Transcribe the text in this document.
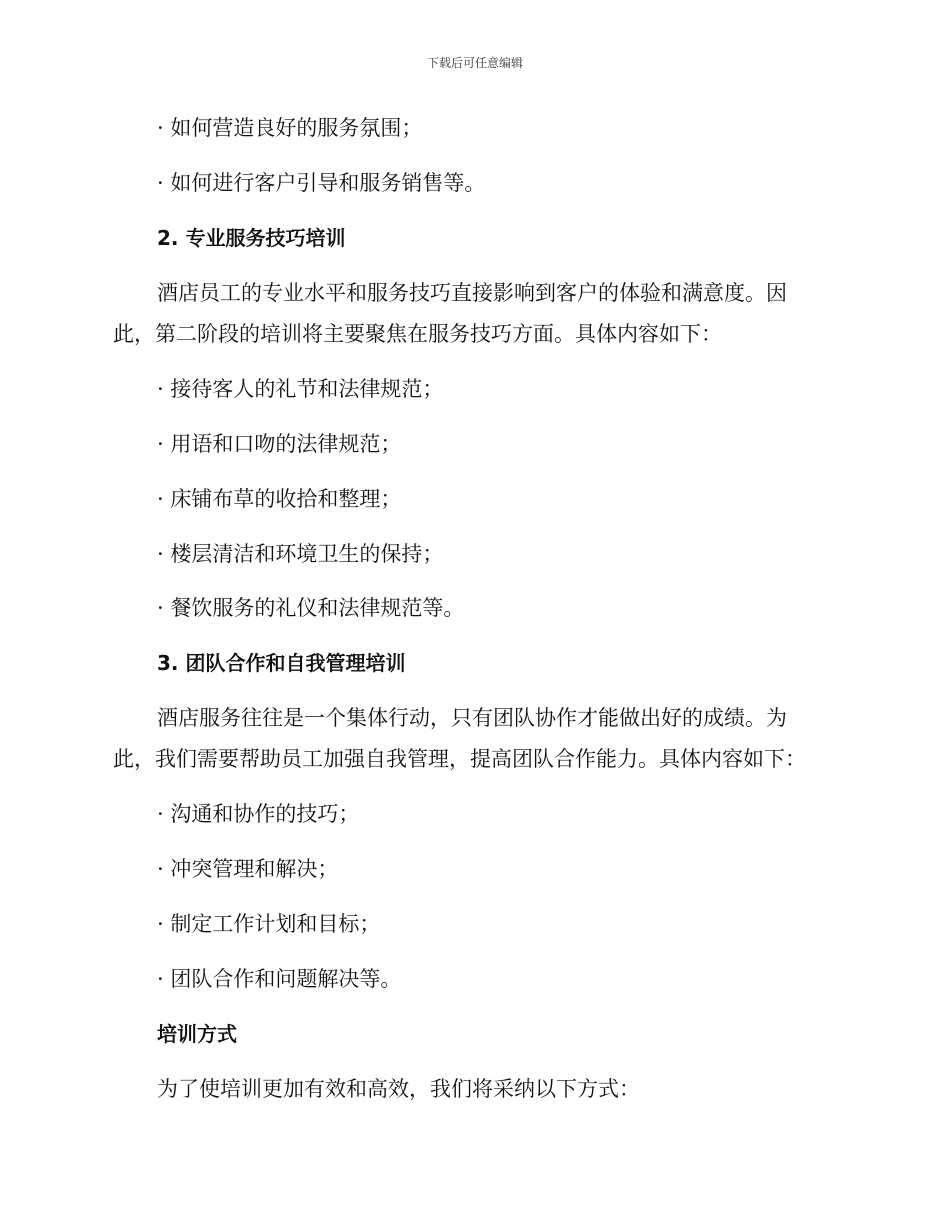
下载后可任意编辑
· 如何营造良好的服务氛围；
· 如何进行客户引导和服务销售等。
2. 专业服务技巧培训
酒店员工的专业水平和服务技巧直接影响到客户的体验和满意度。因
此，第二阶段的培训将主要聚焦在服务技巧方面。具体内容如下：
· 接待客人的礼节和法律规范；
· 用语和口吻的法律规范；
· 床铺布草的收拾和整理；
· 楼层清洁和环境卫生的保持；
· 餐饮服务的礼仪和法律规范等。
3. 团队合作和自我管理培训
酒店服务往往是一个集体行动，只有团队协作才能做出好的成绩。为
此，我们需要帮助员工加强自我管理，提高团队合作能力。具体内容如下：
· 沟通和协作的技巧；
· 冲突管理和解决；
· 制定工作计划和目标；
· 团队合作和问题解决等。
培训方式
为了使培训更加有效和高效，我们将采纳以下方式：
